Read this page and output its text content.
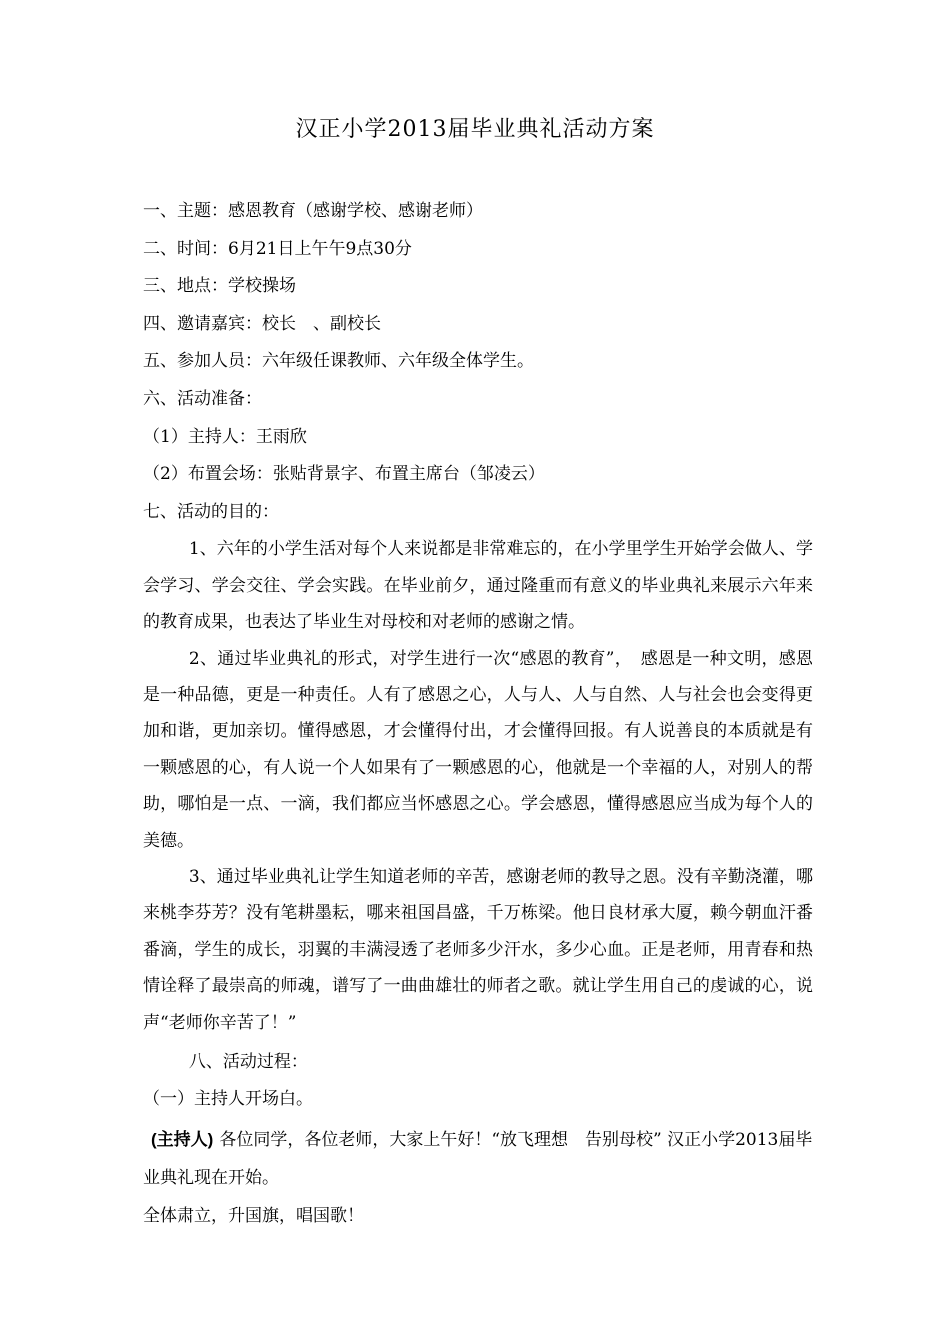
汉正小学2013届毕业典礼活动方案
一、主题：感恩教育（感谢学校、感谢老师）
二、时间：6月21日上午午9点30分
三、地点：学校操场
四、邀请嘉宾：校长　、副校长
五、参加人员：六年级任课教师、六年级全体学生。
六、活动准备：
（1）主持人：王雨欣
（2）布置会场：张贴背景字、布置主席台（邹凌云）
七、活动的目的：

1、六年的小学生活对每个人来说都是非常难忘的，在小学里学生开始学会做人、学会学习、学会交往、学会实践。在毕业前夕，通过隆重而有意义的毕业典礼来展示六年来的教育成果，也表达了毕业生对母校和对老师的感谢之情。

2、通过毕业典礼的形式，对学生进行一次“感恩的教育”，　感恩是一种文明，感恩是一种品德，更是一种责任。人有了感恩之心，人与人、人与自然、人与社会也会变得更加和谐，更加亲切。懂得感恩，才会懂得付出，才会懂得回报。有人说善良的本质就是有一颗感恩的心，有人说一个人如果有了一颗感恩的心，他就是一个幸福的人，对别人的帮助，哪怕是一点、一滴，我们都应当怀感恩之心。学会感恩，懂得感恩应当成为每个人的美德。

3、通过毕业典礼让学生知道老师的辛苦，感谢老师的教导之恩。没有辛勤浇灌，哪来桃李芬芳？没有笔耕墨耘，哪来祖国昌盛，千万栋梁。他日良材承大厦，赖今朝血汗番番滴，学生的成长，羽翼的丰满浸透了老师多少汗水，多少心血。正是老师，用青春和热情诠释了最崇高的师魂，谱写了一曲曲雄壮的师者之歌。就让学生用自己的虔诚的心，说声“老师你辛苦了！”

八、活动过程：
（一）主持人开场白。
(主持人) 各位同学，各位老师，大家上午好！“放飞理想　告别母校” 汉正小学2013届毕业典礼现在开始。
全体肃立，升国旗，唱国歌！
